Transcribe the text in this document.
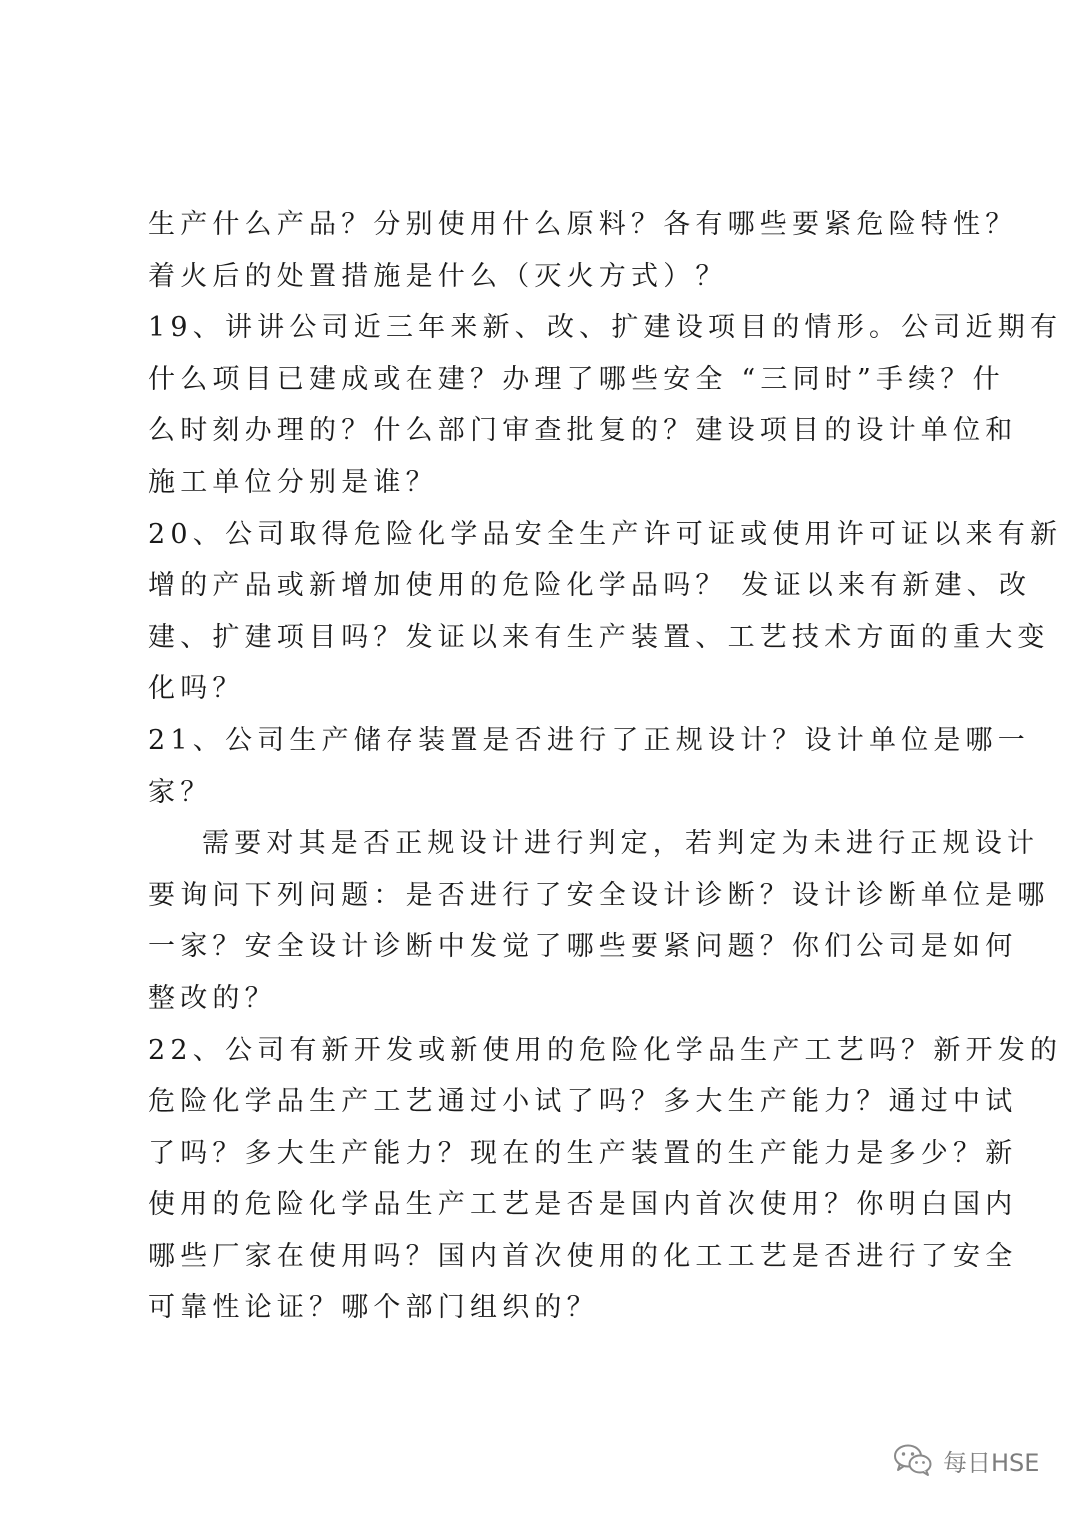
生产什么产品？分别使用什么原料？各有哪些要紧危险特性？
着火后的处置措施是什么（灭火方式）？
19、讲讲公司近三年来新、改、扩建设项目的情形。公司近期有
什么项目已建成或在建？办理了哪些安全 “三同时”手续？什
么时刻办理的？什么部门审查批复的？建设项目的设计单位和
施工单位分别是谁？
20、公司取得危险化学品安全生产许可证或使用许可证以来有新
增的产品或新增加使用的危险化学品吗？ 发证以来有新建、改
建、扩建项目吗？发证以来有生产装置、工艺技术方面的重大变
化吗？
21、公司生产储存装置是否进行了正规设计？设计单位是哪一
家？
需要对其是否正规设计进行判定，若判定为未进行正规设计
要询问下列问题：是否进行了安全设计诊断？设计诊断单位是哪
一家？安全设计诊断中发觉了哪些要紧问题？你们公司是如何
整改的？
22、公司有新开发或新使用的危险化学品生产工艺吗？新开发的
危险化学品生产工艺通过小试了吗？多大生产能力？通过中试
了吗？多大生产能力？现在的生产装置的生产能力是多少？新
使用的危险化学品生产工艺是否是国内首次使用？你明白国内
哪些厂家在使用吗？国内首次使用的化工工艺是否进行了安全
可靠性论证？哪个部门组织的？
每日HSE
